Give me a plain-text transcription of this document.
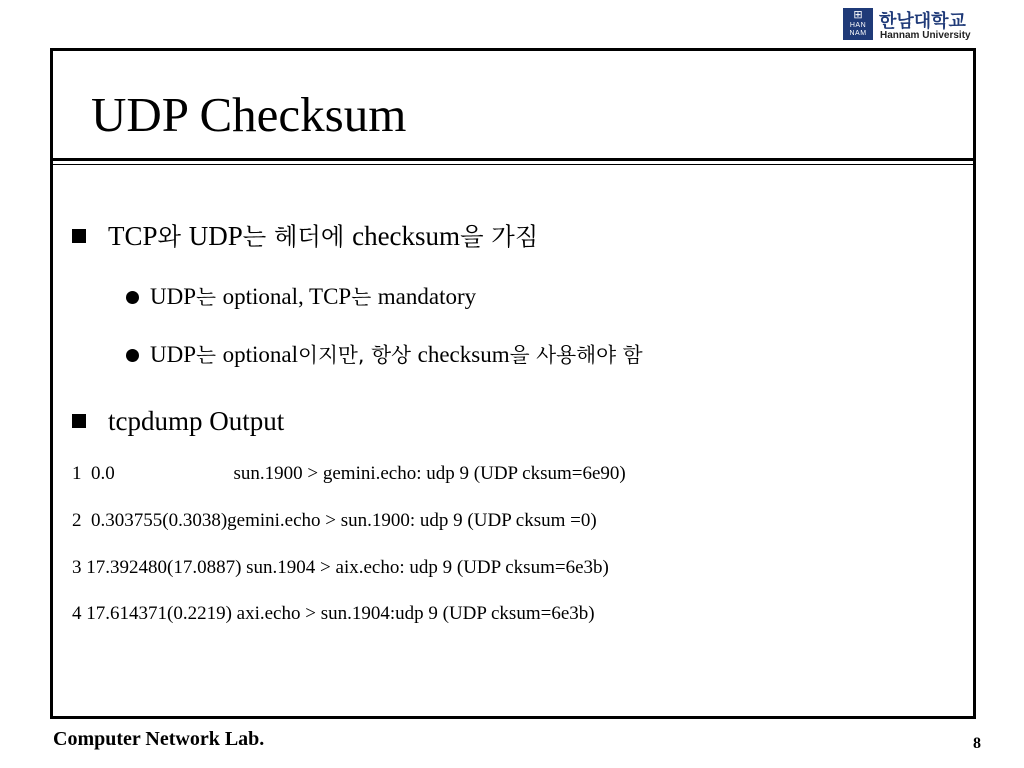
⊞
HAN NAM
한남대학교
Hannam University
UDP Checksum
TCP와 UDP는 헤더에 checksum을 가짐
UDP는 optional, TCP는 mandatory
UDP는 optional이지만, 항상 checksum을 사용해야 함
tcpdump Output
1  0.0                         sun.1900 > gemini.echo: udp 9 (UDP cksum=6e90)
2  0.303755(0.3038)gemini.echo > sun.1900: udp 9 (UDP cksum =0)
3 17.392480(17.0887) sun.1904 > aix.echo: udp 9 (UDP cksum=6e3b)
4 17.614371(0.2219) axi.echo > sun.1904:udp 9 (UDP cksum=6e3b)
Computer Network Lab.	8
